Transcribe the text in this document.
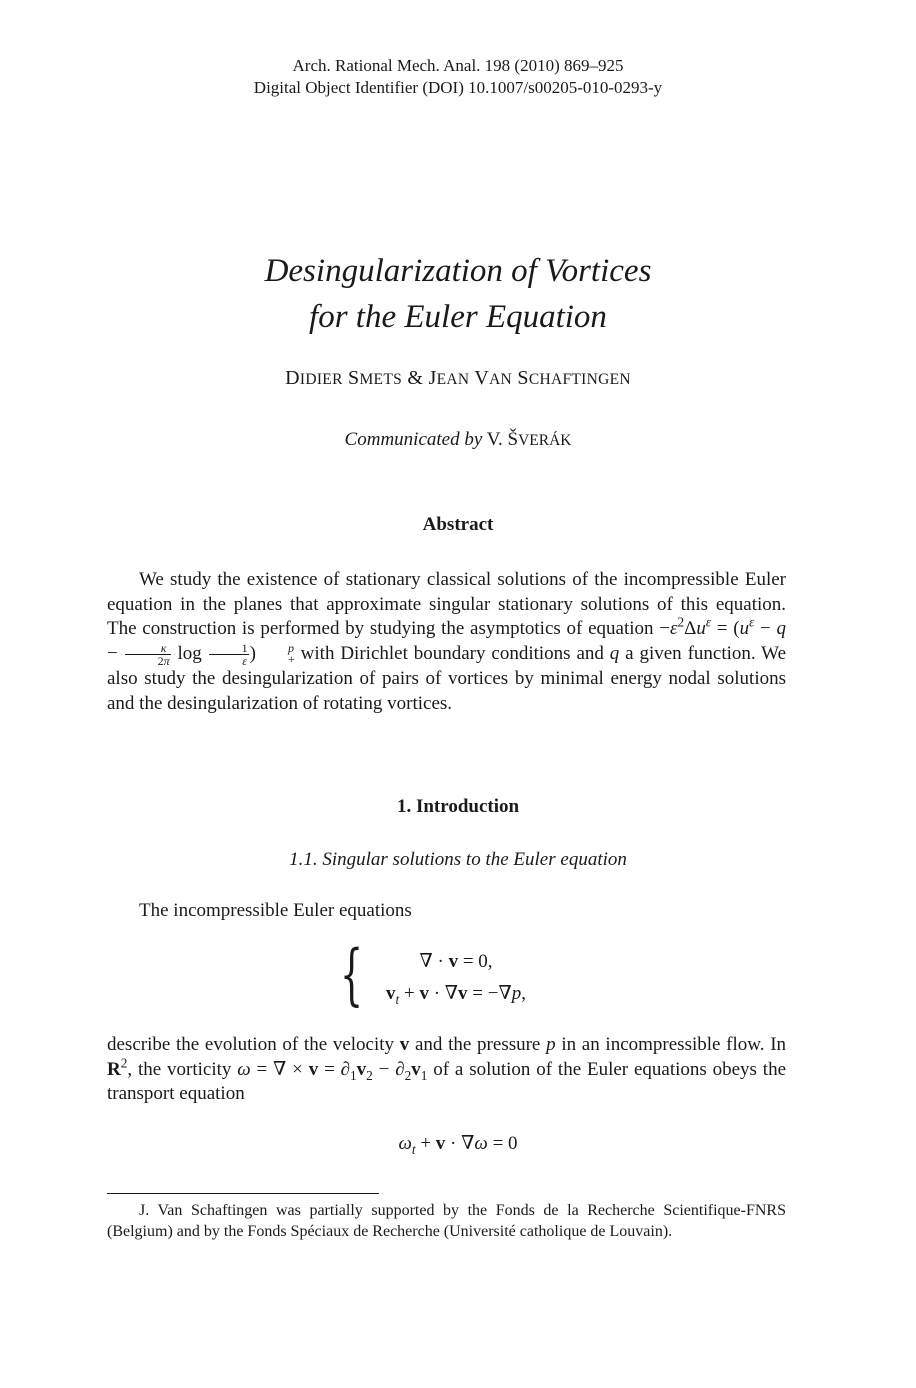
Arch. Rational Mech. Anal. 198 (2010) 869–925
Digital Object Identifier (DOI) 10.1007/s00205-010-0293-y
Desingularization of Vortices
for the Euler Equation
DIDIER SMETS & JEAN VAN SCHAFTINGEN
Communicated by V. ŠVERÁK
Abstract
We study the existence of stationary classical solutions of the incompressible Euler equation in the planes that approximate singular stationary solutions of this equation. The construction is performed by studying the asymptotics of equation $-\varepsilon^2\Delta u^\varepsilon = (u^\varepsilon - q - \frac{\kappa}{2\pi}$ $\log \frac{1}{\varepsilon}$ )	p
+ with Dirichlet boundary conditions and q a given function. We also study the desingularization of pairs of vortices by minimal energy nodal solutions and the desingularization of rotating vortices.
1. Introduction
1.1. Singular solutions to the Euler equation
The incompressible Euler equations
{	∇ · v = 0,
$v_t + v \cdot \nabla v = -\nabla p$,
describe the evolution of the velocity v and the pressure p in an incompressible flow. In $R^2$, the vorticity ω = ∇ × $v = \partial_1v_2 - \partial_2v_1$ of a solution of the Euler equations obeys the transport equation
$\omega_t + v \cdot \nabla\omega = 0$
J. Van Schaftingen was partially supported by the Fonds de la Recherche Scientifique-FNRS (Belgium) and by the Fonds Spéciaux de Recherche (Université catholique de Louvain).
